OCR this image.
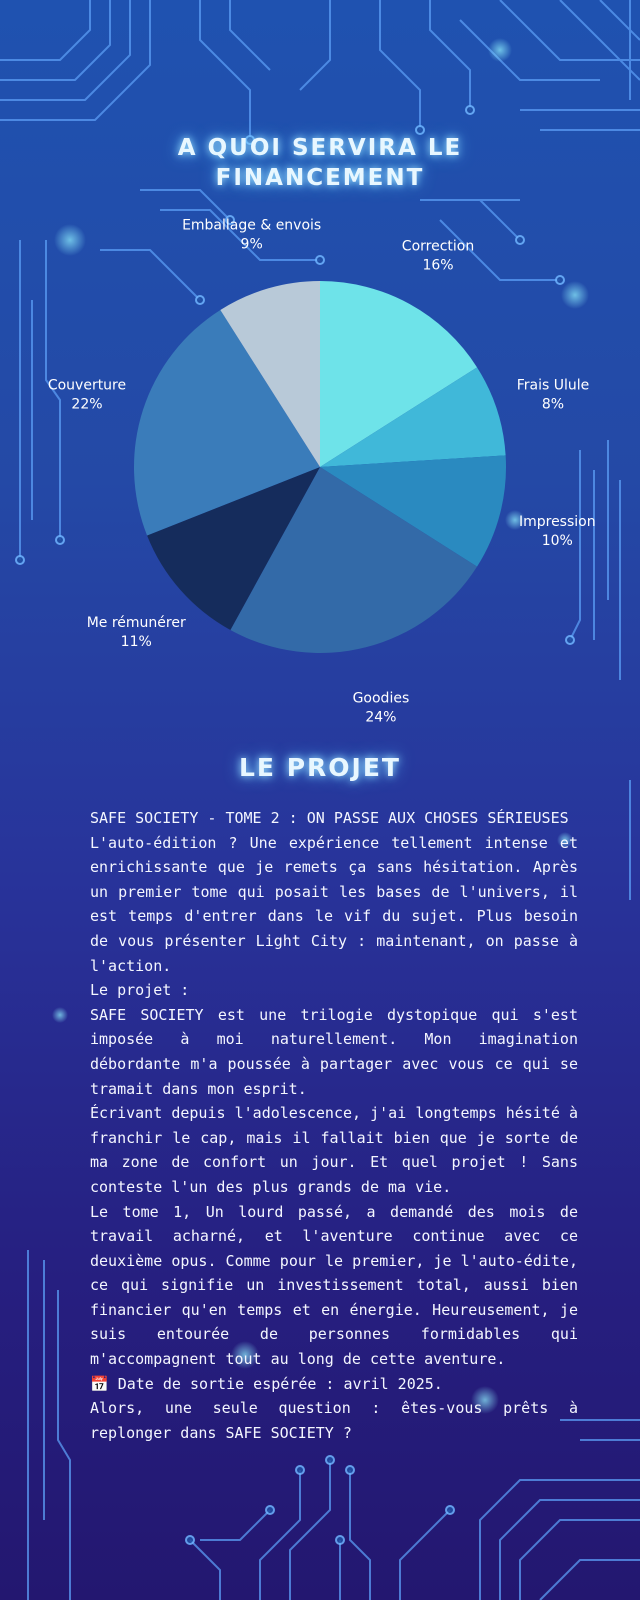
A QUOI SERVIRA LE
FINANCEMENT
Correction
16%
Frais Ulule
8%
Impression
10%
Goodies
24%
Me rémunérer
11%
Couverture
22%
Emballage & envois
9%
LE PROJET

SAFE SOCIETY - TOME 2 : ON PASSE AUX CHOSES SÉRIEUSES

L'auto-édition ? Une expérience tellement intense et enrichissante que je remets ça sans hésitation. Après un premier tome qui posait les bases de l'univers, il est temps d'entrer dans le vif du sujet. Plus besoin de vous présenter Light City : maintenant, on passe à l'action.

Le projet :

SAFE SOCIETY est une trilogie dystopique qui s'est imposée à moi naturellement. Mon imagination débordante m'a poussée à partager avec vous ce qui se tramait dans mon esprit.

Écrivant depuis l'adolescence, j'ai longtemps hésité à franchir le cap, mais il fallait bien que je sorte de ma zone de confort un jour. Et quel projet ! Sans conteste l'un des plus grands de ma vie.

Le tome 1, Un lourd passé, a demandé des mois de travail acharné, et l'aventure continue avec ce deuxième opus. Comme pour le premier, je l'auto-édite, ce qui signifie un investissement total, aussi bien financier qu'en temps et en énergie. Heureusement, je suis entourée de personnes formidables qui m'accompagnent tout au long de cette aventure.

📅 Date de sortie espérée : avril 2025.

Alors, une seule question : êtes-vous prêts à replonger dans SAFE SOCIETY ?
